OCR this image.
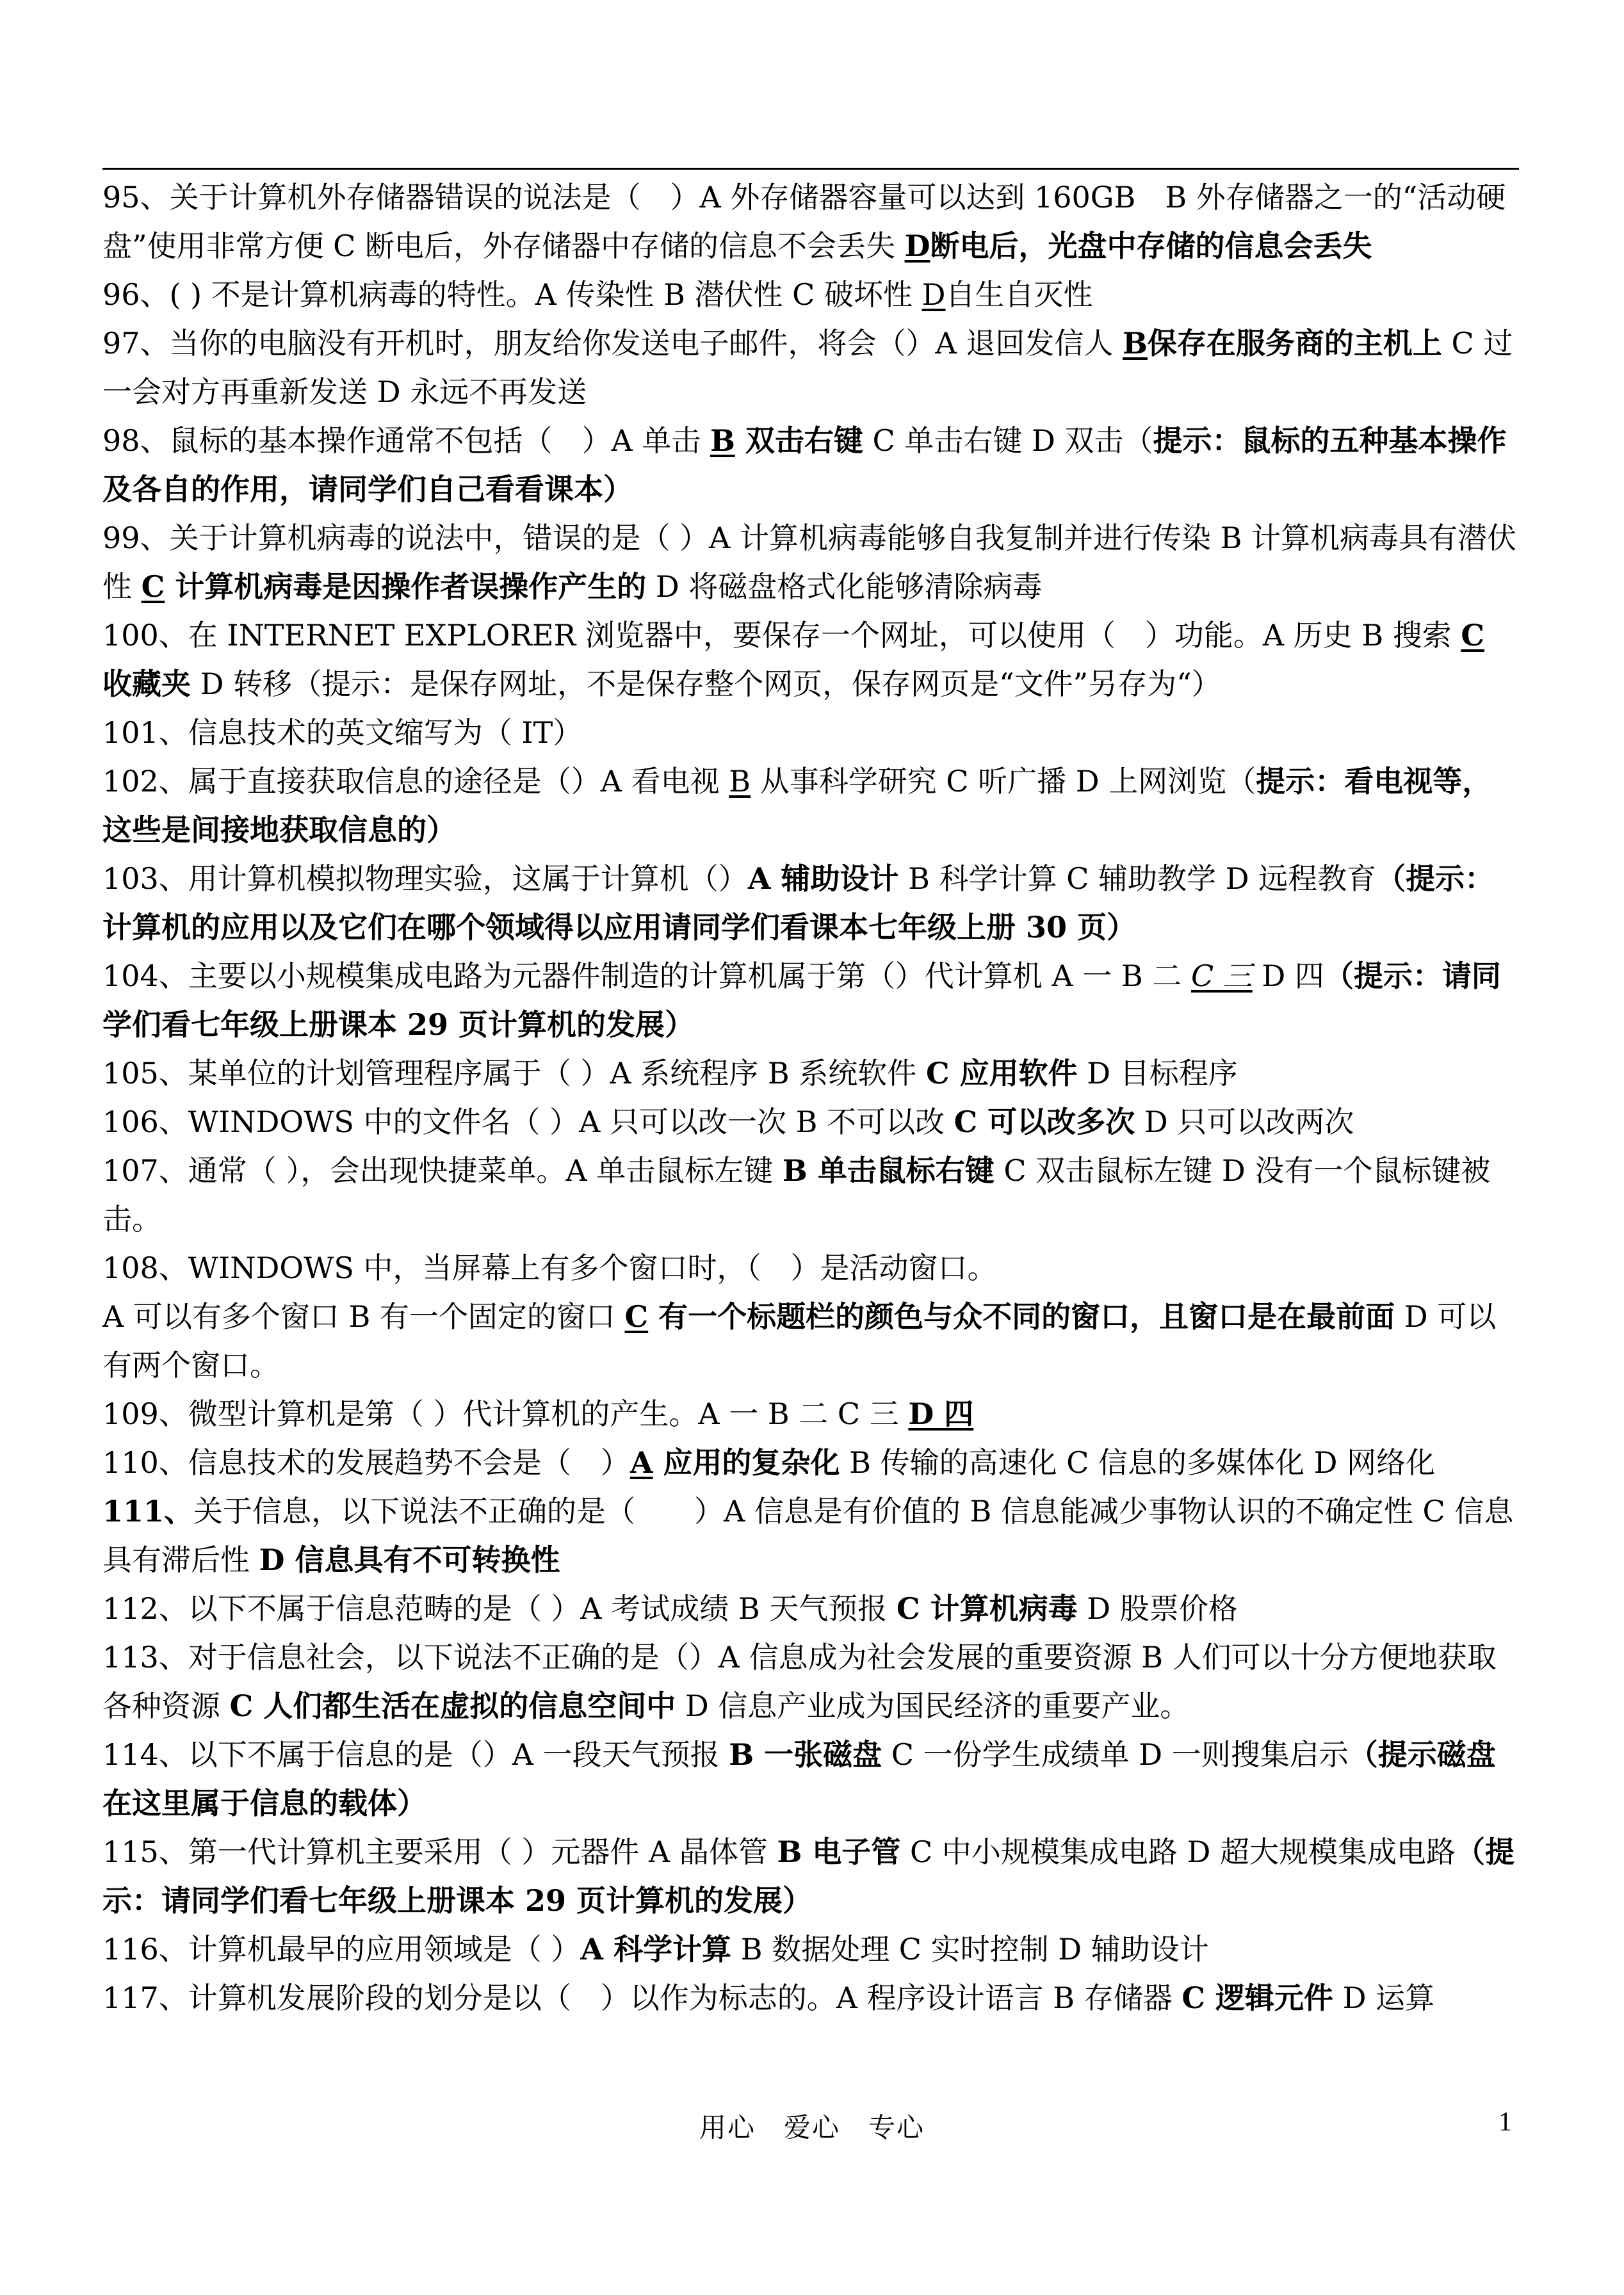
95、关于计算机外存储器错误的说法是（　）A 外存储器容量可以达到 160GB　B 外存储器之一的“活动硬盘”使用非常方便 C 断电后，外存储器中存储的信息不会丢失 D断电后，光盘中存储的信息会丢失

96、( ) 不是计算机病毒的特性。A 传染性 B 潜伏性 C 破坏性 D自生自灭性

97、当你的电脑没有开机时，朋友给你发送电子邮件，将会（）A 退回发信人 B保存在服务商的主机上 C 过一会对方再重新发送 D 永远不再发送

98、鼠标的基本操作通常不包括（　）A 单击 B 双击右键 C 单击右键 D 双击（提示：鼠标的五种基本操作及各自的作用，请同学们自己看看课本）

99、关于计算机病毒的说法中，错误的是（ ）A 计算机病毒能够自我复制并进行传染 B 计算机病毒具有潜伏性 C 计算机病毒是因操作者误操作产生的 D 将磁盘格式化能够清除病毒

100、在 INTERNET EXPLORER 浏览器中，要保存一个网址，可以使用（　）功能。A 历史 B 搜索 C 收藏夹 D 转移（提示：是保存网址，不是保存整个网页，保存网页是“文件”另存为“）

101、信息技术的英文缩写为（ IT）

102、属于直接获取信息的途径是（）A 看电视 B 从事科学研究 C 听广播 D 上网浏览（提示：看电视等，这些是间接地获取信息的）

103、用计算机模拟物理实验，这属于计算机（）A 辅助设计 B 科学计算 C 辅助教学 D 远程教育（提示：计算机的应用以及它们在哪个领域得以应用请同学们看课本七年级上册 30 页）

104、主要以小规模集成电路为元器件制造的计算机属于第（）代计算机 A 一 B 二 C 三 D 四（提示：请同学们看七年级上册课本 29 页计算机的发展）

105、某单位的计划管理程序属于（ ）A 系统程序 B 系统软件 C 应用软件 D 目标程序

106、WINDOWS 中的文件名（ ）A 只可以改一次 B 不可以改 C 可以改多次 D 只可以改两次

107、通常（ ），会出现快捷菜单。A 单击鼠标左键 B 单击鼠标右键 C 双击鼠标左键 D 没有一个鼠标键被击。

108、WINDOWS 中，当屏幕上有多个窗口时，（　）是活动窗口。

A 可以有多个窗口 B 有一个固定的窗口 C 有一个标题栏的颜色与众不同的窗口，且窗口是在最前面 D 可以有两个窗口。

109、微型计算机是第（ ）代计算机的产生。A 一 B 二 C 三 D 四

110、信息技术的发展趋势不会是（　）A 应用的复杂化 B 传输的高速化 C 信息的多媒体化 D 网络化

111、关于信息，以下说法不正确的是（　　）A 信息是有价值的 B 信息能减少事物认识的不确定性 C 信息具有滞后性 D 信息具有不可转换性

112、以下不属于信息范畴的是（ ）A 考试成绩 B 天气预报 C 计算机病毒 D 股票价格

113、对于信息社会，以下说法不正确的是（）A 信息成为社会发展的重要资源 B 人们可以十分方便地获取各种资源 C 人们都生活在虚拟的信息空间中 D 信息产业成为国民经济的重要产业。

114、以下不属于信息的是（）A 一段天气预报 B 一张磁盘 C 一份学生成绩单 D 一则搜集启示（提示磁盘在这里属于信息的载体）

115、第一代计算机主要采用（ ）元器件 A 晶体管 B 电子管 C 中小规模集成电路 D 超大规模集成电路（提示：请同学们看七年级上册课本 29 页计算机的发展）

116、计算机最早的应用领域是（ ）A 科学计算 B 数据处理 C 实时控制 D 辅助设计

117、计算机发展阶段的划分是以（　）以作为标志的。A 程序设计语言 B 存储器 C 逻辑元件 D 运算

用心　爱心　专心	1
